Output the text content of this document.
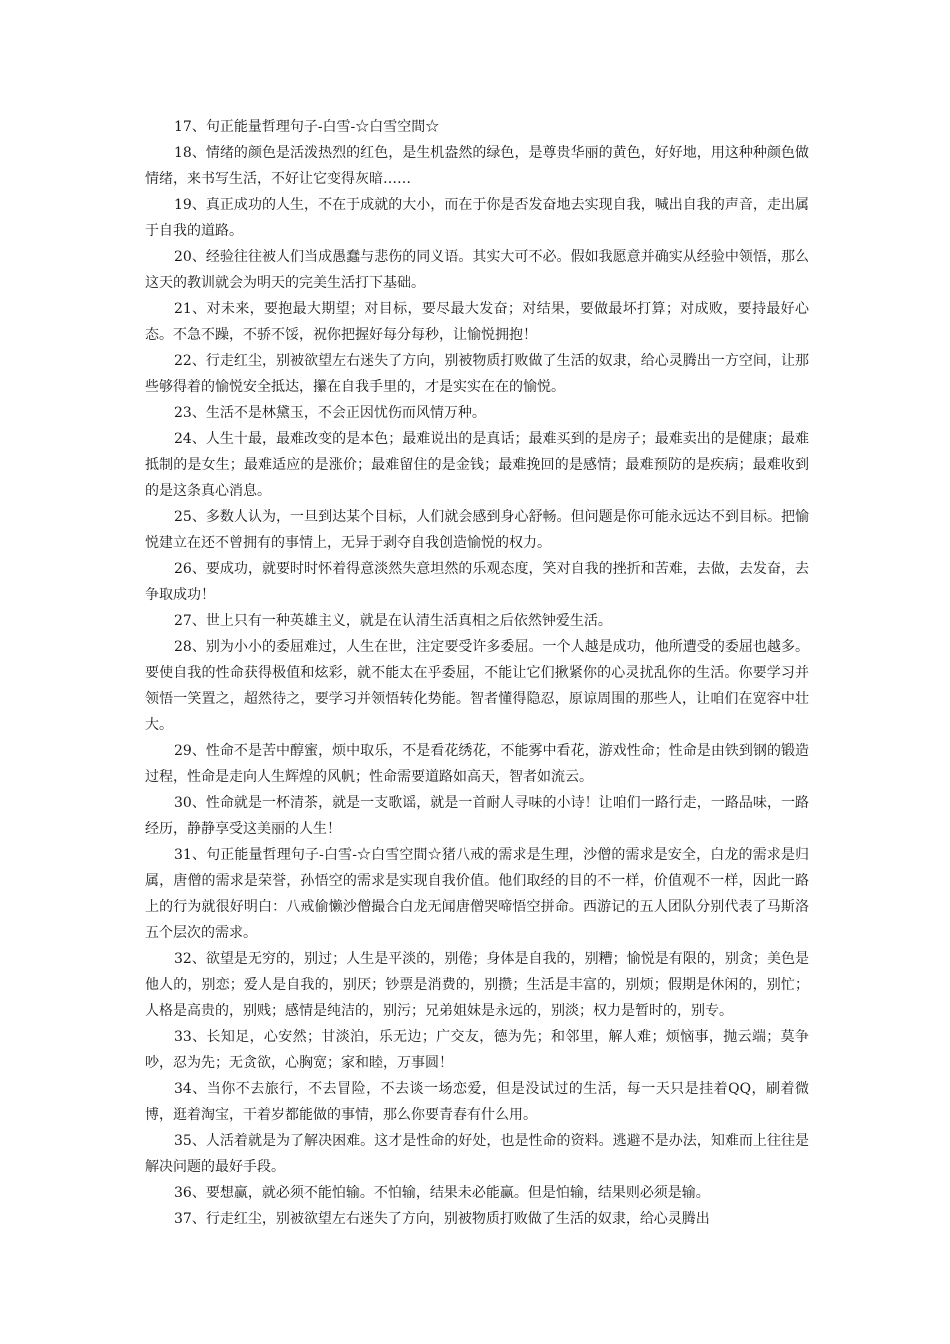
17、句正能量哲理句子-白雪-☆白雪空間☆

18、情绪的颜色是活泼热烈的红色，是生机盎然的绿色，是尊贵华丽的黄色，好好地，用这种种颜色做情绪，来书写生活，不好让它变得灰暗……

19、真正成功的人生，不在于成就的大小，而在于你是否发奋地去实现自我，喊出自我的声音，走出属于自我的道路。

20、经验往往被人们当成愚蠢与悲伤的同义语。其实大可不必。假如我愿意并确实从经验中领悟，那么这天的教训就会为明天的完美生活打下基础。

21、对未来，要抱最大期望；对目标，要尽最大发奋；对结果，要做最坏打算；对成败，要持最好心态。不急不躁，不骄不馁，祝你把握好每分每秒，让愉悦拥抱！

22、行走红尘，别被欲望左右迷失了方向，别被物质打败做了生活的奴隶，给心灵腾出一方空间，让那些够得着的愉悦安全抵达，攥在自我手里的，才是实实在在的愉悦。

23、生活不是林黛玉，不会正因忧伤而风情万种。

24、人生十最，最难改变的是本色；最难说出的是真话；最难买到的是房子；最难卖出的是健康；最难抵制的是女生；最难适应的是涨价；最难留住的是金钱；最难挽回的是感情；最难预防的是疾病；最难收到的是这条真心消息。

25、多数人认为，一旦到达某个目标，人们就会感到身心舒畅。但问题是你可能永远达不到目标。把愉悦建立在还不曾拥有的事情上，无异于剥夺自我创造愉悦的权力。

26、要成功，就要时时怀着得意淡然失意坦然的乐观态度，笑对自我的挫折和苦难，去做，去发奋，去争取成功！

27、世上只有一种英雄主义，就是在认清生活真相之后依然钟爱生活。

28、别为小小的委屈难过，人生在世，注定要受许多委屈。一个人越是成功，他所遭受的委屈也越多。要使自我的性命获得极值和炫彩，就不能太在乎委屈，不能让它们揪紧你的心灵扰乱你的生活。你要学习并领悟一笑置之，超然待之，要学习并领悟转化势能。智者懂得隐忍，原谅周围的那些人，让咱们在宽容中壮大。

29、性命不是苦中醇蜜，烦中取乐，不是看花绣花，不能雾中看花，游戏性命；性命是由铁到钢的锻造过程，性命是走向人生辉煌的风帆；性命需要道路如高天，智者如流云。

30、性命就是一杯清茶，就是一支歌谣，就是一首耐人寻味的小诗！让咱们一路行走，一路品味，一路经历，静静享受这美丽的人生！

31、句正能量哲理句子-白雪-☆白雪空間☆猪八戒的需求是生理，沙僧的需求是安全，白龙的需求是归属，唐僧的需求是荣誉，孙悟空的需求是实现自我价值。他们取经的目的不一样，价值观不一样，因此一路上的行为就很好明白：八戒偷懒沙僧撮合白龙无闻唐僧哭啼悟空拼命。西游记的五人团队分别代表了马斯洛五个层次的需求。

32、欲望是无穷的，别过；人生是平淡的，别倦；身体是自我的，别糟；愉悦是有限的，别贪；美色是他人的，别恋；爱人是自我的，别厌；钞票是消费的，别攒；生活是丰富的，别烦；假期是休闲的，别忙；人格是高贵的，别贱；感情是纯洁的，别污；兄弟姐妹是永远的，别淡；权力是暂时的，别专。

33、长知足，心安然；甘淡泊，乐无边；广交友，德为先；和邻里，解人难；烦恼事，抛云端；莫争吵，忍为先；无贪欲，心胸宽；家和睦，万事圆！

34、当你不去旅行，不去冒险，不去谈一场恋爱，但是没试过的生活，每一天只是挂着QQ，刷着微博，逛着淘宝，干着岁都能做的事情，那么你要青春有什么用。

35、人活着就是为了解决困难。这才是性命的好处，也是性命的资料。逃避不是办法，知难而上往往是解决问题的最好手段。

36、要想赢，就必须不能怕输。不怕输，结果未必能赢。但是怕输，结果则必须是输。

37、行走红尘，别被欲望左右迷失了方向，别被物质打败做了生活的奴隶，给心灵腾出
